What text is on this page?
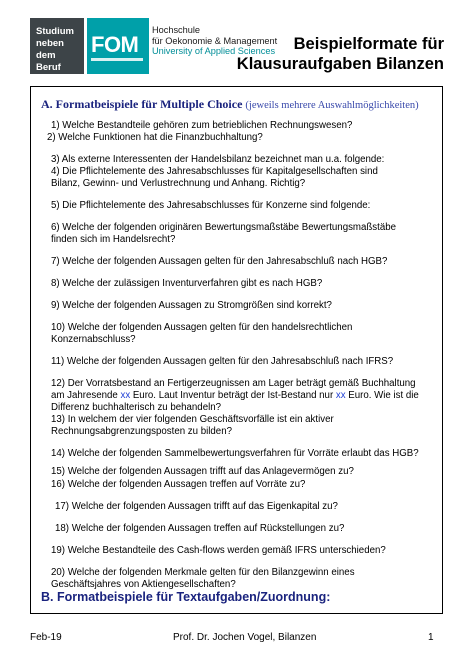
Studium
neben dem
Beruf
FOM
Hochschule
für Oekonomie & Management
University of Applied Sciences	Beispielformate für
Klausuraufgaben Bilanzen
A. Formatbeispiele für Multiple Choice (jeweils mehrere Auswahlmöglichkeiten)
1) Welche Bestandteile gehören zum betrieblichen Rechnungswesen?
2) Welche Funktionen hat die Finanzbuchhaltung?
3) Als externe Interessenten der Handelsbilanz bezeichnet man u.a. folgende:
4) Die Pflichtelemente des Jahresabschlusses für Kapitalgesellschaften sind
Bilanz, Gewinn- und Verlustrechnung und Anhang. Richtig?
5) Die Pflichtelemente des Jahresabschlusses für Konzerne sind folgende:
6) Welche der folgenden originären Bewertungsmaßstäbe Bewertungsmaßstäbe
finden sich im Handelsrecht?
7) Welche der folgenden Aussagen gelten für den Jahresabschluß nach HGB?
8) Welche der zulässigen Inventurverfahren gibt es nach HGB?
9) Welche der folgenden Aussagen zu Stromgrößen sind korrekt?
10) Welche der folgenden Aussagen gelten für den handelsrechtlichen
Konzernabschluss?
11) Welche der folgenden Aussagen gelten für den Jahresabschluß nach IFRS?
12) Der Vorratsbestand an Fertigerzeugnissen am Lager beträgt gemäß Buchhaltung
am Jahresende xx Euro. Laut Inventur beträgt der Ist-Bestand nur xx Euro. Wie ist die
Differenz buchhalterisch zu behandeln?
13) In welchem der vier folgenden Geschäftsvorfälle ist ein aktiver
Rechnungsabgrenzungsposten zu bilden?
14) Welche der folgenden Sammelbewertungsverfahren für Vorräte erlaubt das HGB?
15) Welche der folgenden Aussagen trifft auf das Anlagevermögen zu?
16) Welche der folgenden Aussagen treffen auf Vorräte zu?
17) Welche der folgenden Aussagen trifft auf das Eigenkapital zu?
18) Welche der folgenden Aussagen treffen auf Rückstellungen zu?
19) Welche Bestandteile des Cash-flows werden gemäß IFRS unterschieden?
20) Welche der folgenden Merkmale gelten für den Bilanzgewinn eines
Geschäftsjahres von Aktiengesellschaften?
B. Formatbeispiele für Textaufgaben/Zuordnung:
Feb-19	Prof. Dr. Jochen Vogel, Bilanzen	1
